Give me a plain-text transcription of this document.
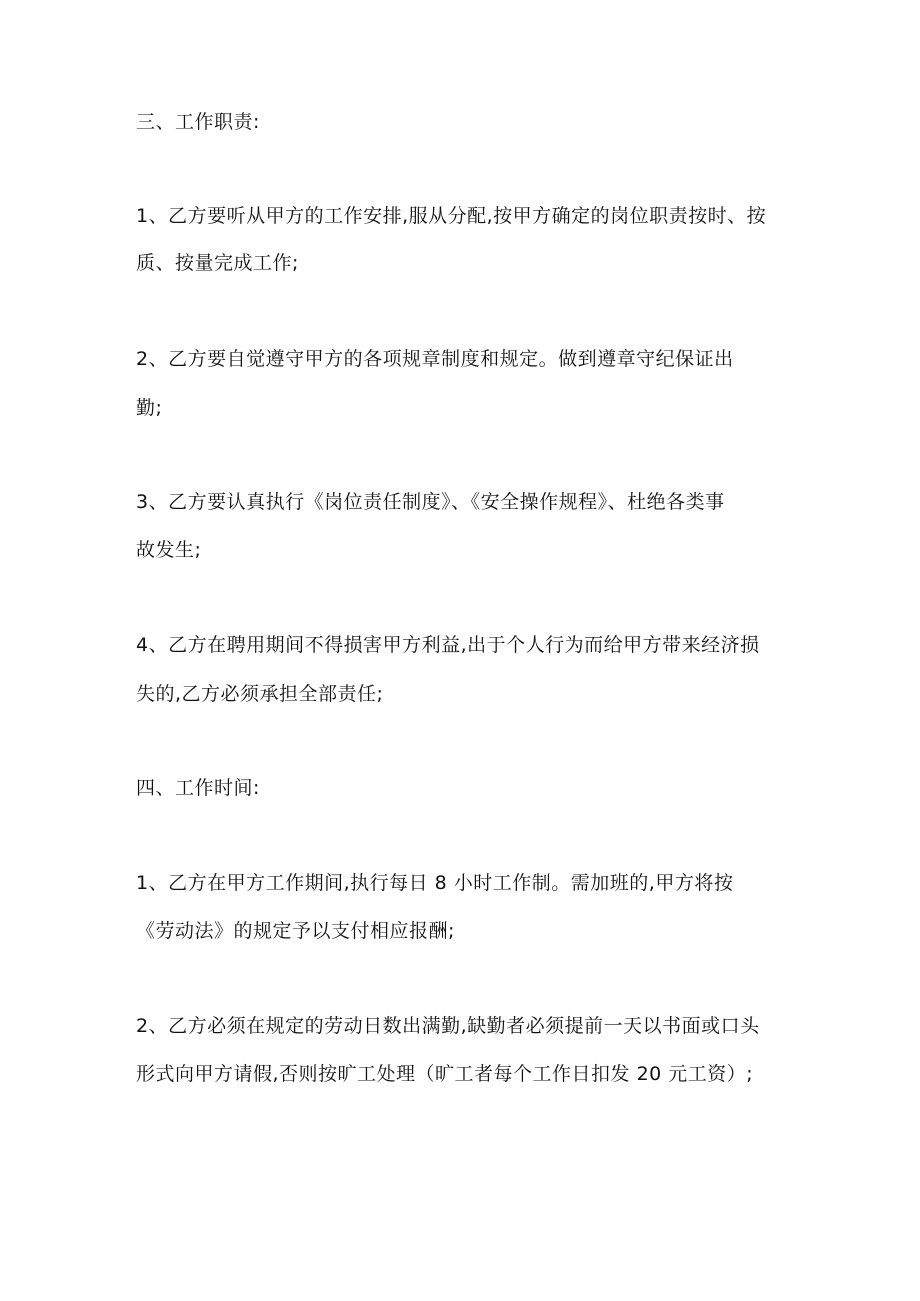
三、工作职责:
1、乙方要听从甲方的工作安排,服从分配,按甲方确定的岗位职责按时、按
质、按量完成工作;
2、乙方要自觉遵守甲方的各项规章制度和规定。做到遵章守纪保证出
勤;
3、乙方要认真执行《岗位责任制度》、《安全操作规程》、杜绝各类事
故发生;
4、乙方在聘用期间不得损害甲方利益,出于个人行为而给甲方带来经济损
失的,乙方必须承担全部责任;
四、工作时间:
1、乙方在甲方工作期间,执行每日 8 小时工作制。需加班的,甲方将按
《劳动法》的规定予以支付相应报酬;
2、乙方必须在规定的劳动日数出满勤,缺勤者必须提前一天以书面或口头
形式向甲方请假,否则按旷工处理（旷工者每个工作日扣发 20 元工资）;
